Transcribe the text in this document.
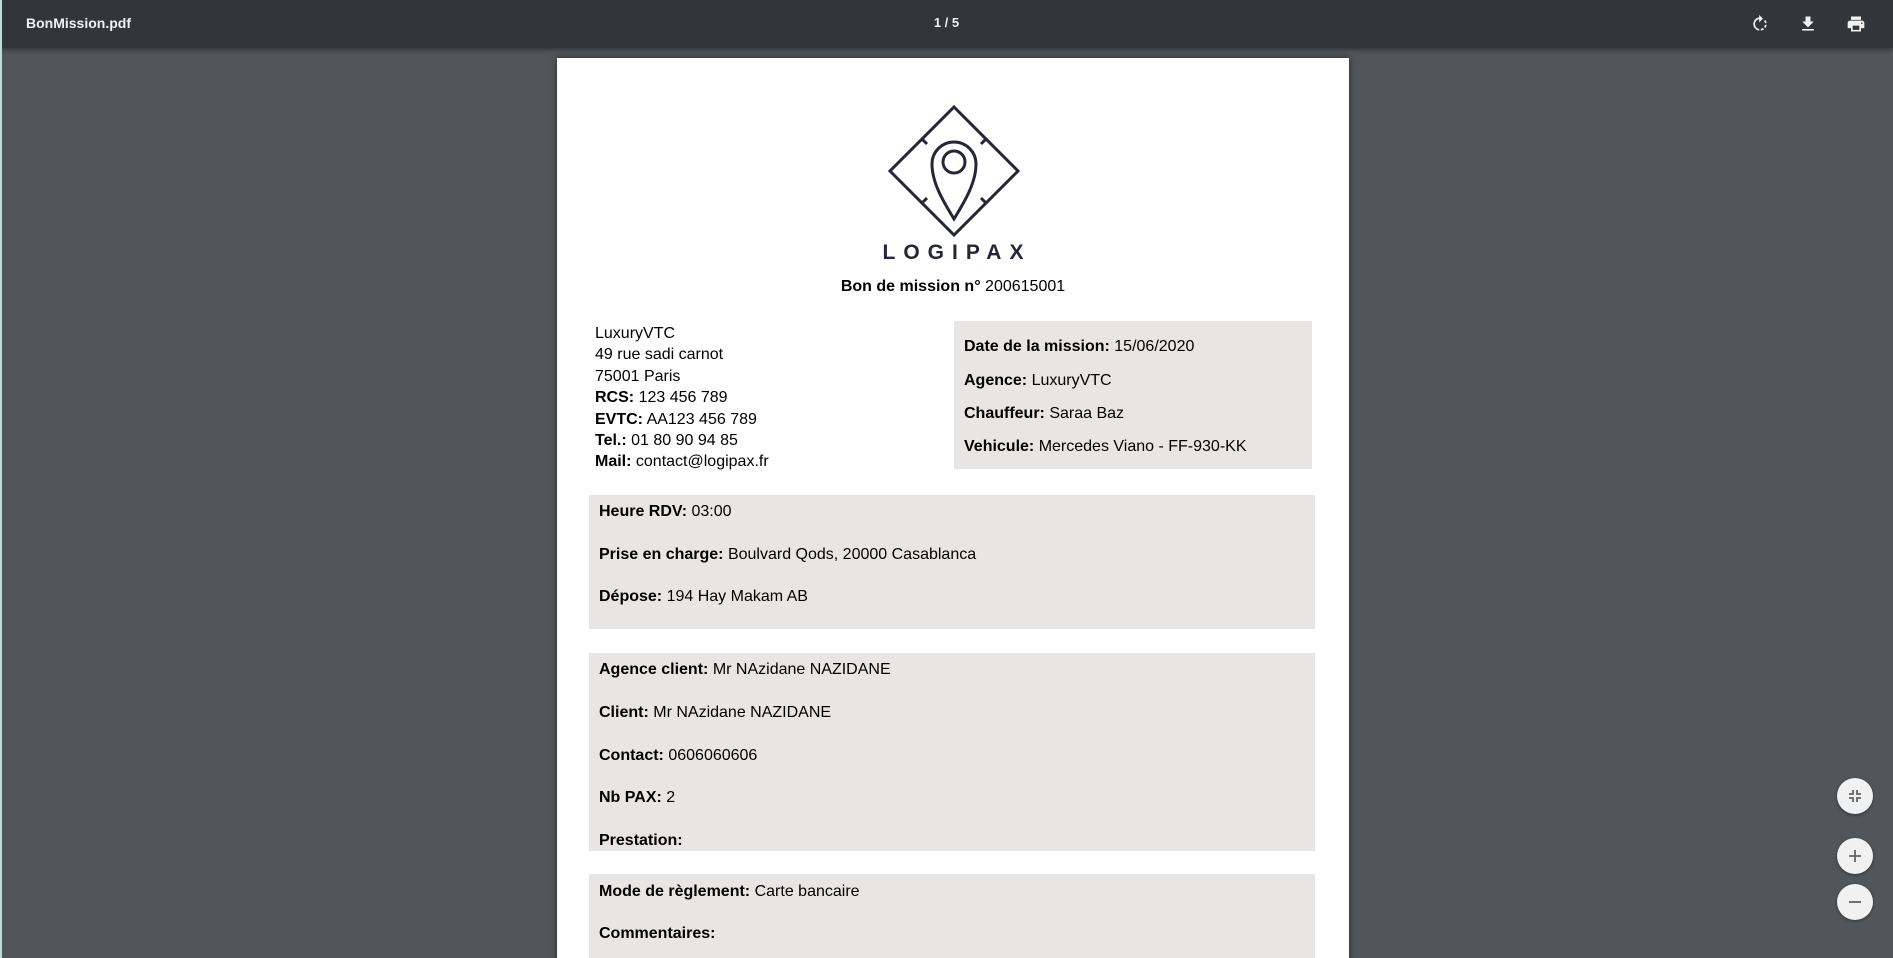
BonMission.pdf	1 / 5
LOGIPAX
Bon de mission n° 200615001
LuxuryVTC
49 rue sadi carnot
75001 Paris
RCS: 123 456 789
EVTC: AA123 456 789
Tel.: 01 80 90 94 85
Mail: contact@logipax.fr
Date de la mission: 15/06/2020
Agence: LuxuryVTC
Chauffeur: Saraa Baz
Vehicule: Mercedes Viano - FF-930-KK
Heure RDV: 03:00
Prise en charge: Boulvard Qods, 20000 Casablanca
Dépose: 194 Hay Makam AB
Agence client: Mr NAzidane NAZIDANE
Client: Mr NAzidane NAZIDANE
Contact: 0606060606
Nb PAX: 2
Prestation:
Mode de règlement: Carte bancaire
Commentaires:
